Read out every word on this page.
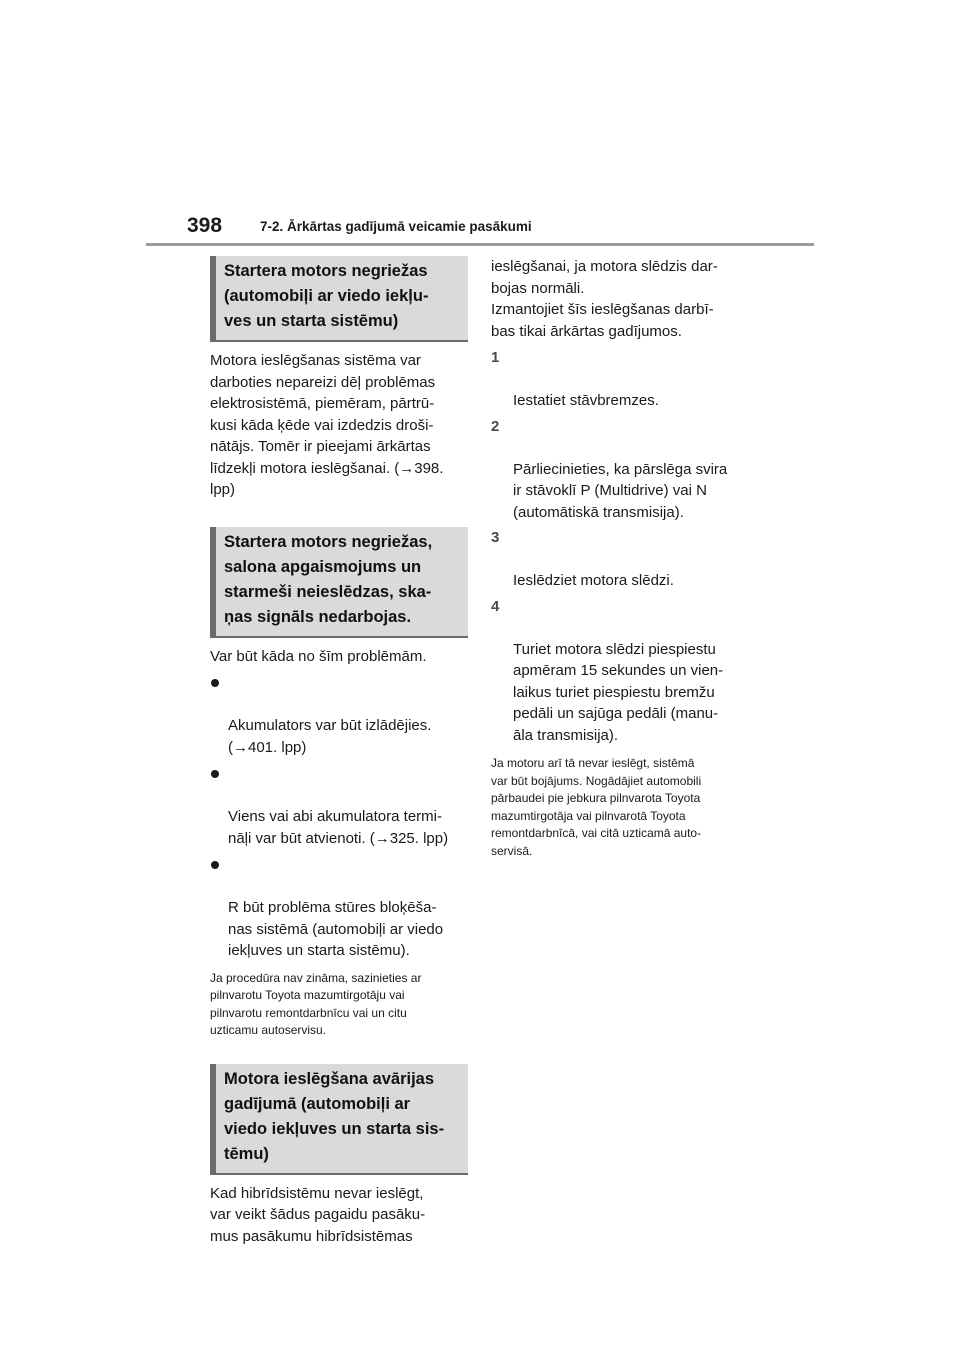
398	7-2. Ārkārtas gadījumā veicamie pasākumi
Startera motors negriežas
(automobiļi ar viedo iekļu-
ves un starta sistēmu)

Motora ieslēgšanas sistēma var
darboties nepareizi dēļ problēmas
elektrosistēmā, piemēram, pārtrū-
kusi kāda ķēde vai izdedzis droši-
nātājs. Tomēr ir pieejami ārkārtas
līdzekļi motora ieslēgšanai. (→398.
lpp)

Startera motors negriežas,
salona apgaismojums un
starmeši neieslēdzas, ska-
ņas signāls nedarbojas.

Var būt kāda no šīm problēmām.

Akumulators var būt izlādējies.
(→401. lpp)

Viens vai abi akumulatora termi-
nāļi var būt atvienoti. (→325. lpp)

R būt problēma stūres bloķēša-
nas sistēmā (automobiļi ar viedo
iekļuves un starta sistēmu).

Ja procedūra nav zināma, sazinieties ar
pilnvarotu Toyota mazumtirgotāju vai
pilnvarotu remontdarbnīcu vai un citu
uzticamu autoservisu.

Motora ieslēgšana avārijas
gadījumā (automobiļi ar
viedo iekļuves un starta sis-
tēmu)

Kad hibrīdsistēmu nevar ieslēgt,
var veikt šādus pagaidu pasāku-
mus pasākumu hibrīdsistēmas

ieslēgšanai, ja motora slēdzis dar-
bojas normāli.
Izmantojiet šīs ieslēgšanas darbī-
bas tikai ārkārtas gadījumos.

1

Iestatiet stāvbremzes.

2

Pārliecinieties, ka pārslēga svira
ir stāvoklī P (Multidrive) vai N
(automātiskā transmisija).

3

Ieslēdziet motora slēdzi.

4

Turiet motora slēdzi piespiestu
apmēram 15 sekundes un vien-
laikus turiet piespiestu bremžu
pedāli un sajūga pedāli (manu-
āla transmisija).

Ja motoru arī tā nevar ieslēgt, sistēmā
var būt bojājums. Nogādājiet automobili
pārbaudei pie jebkura pilnvarota Toyota
mazumtirgotāja vai pilnvarotā Toyota
remontdarbnīcā, vai citā uzticamā auto-
servisā.
